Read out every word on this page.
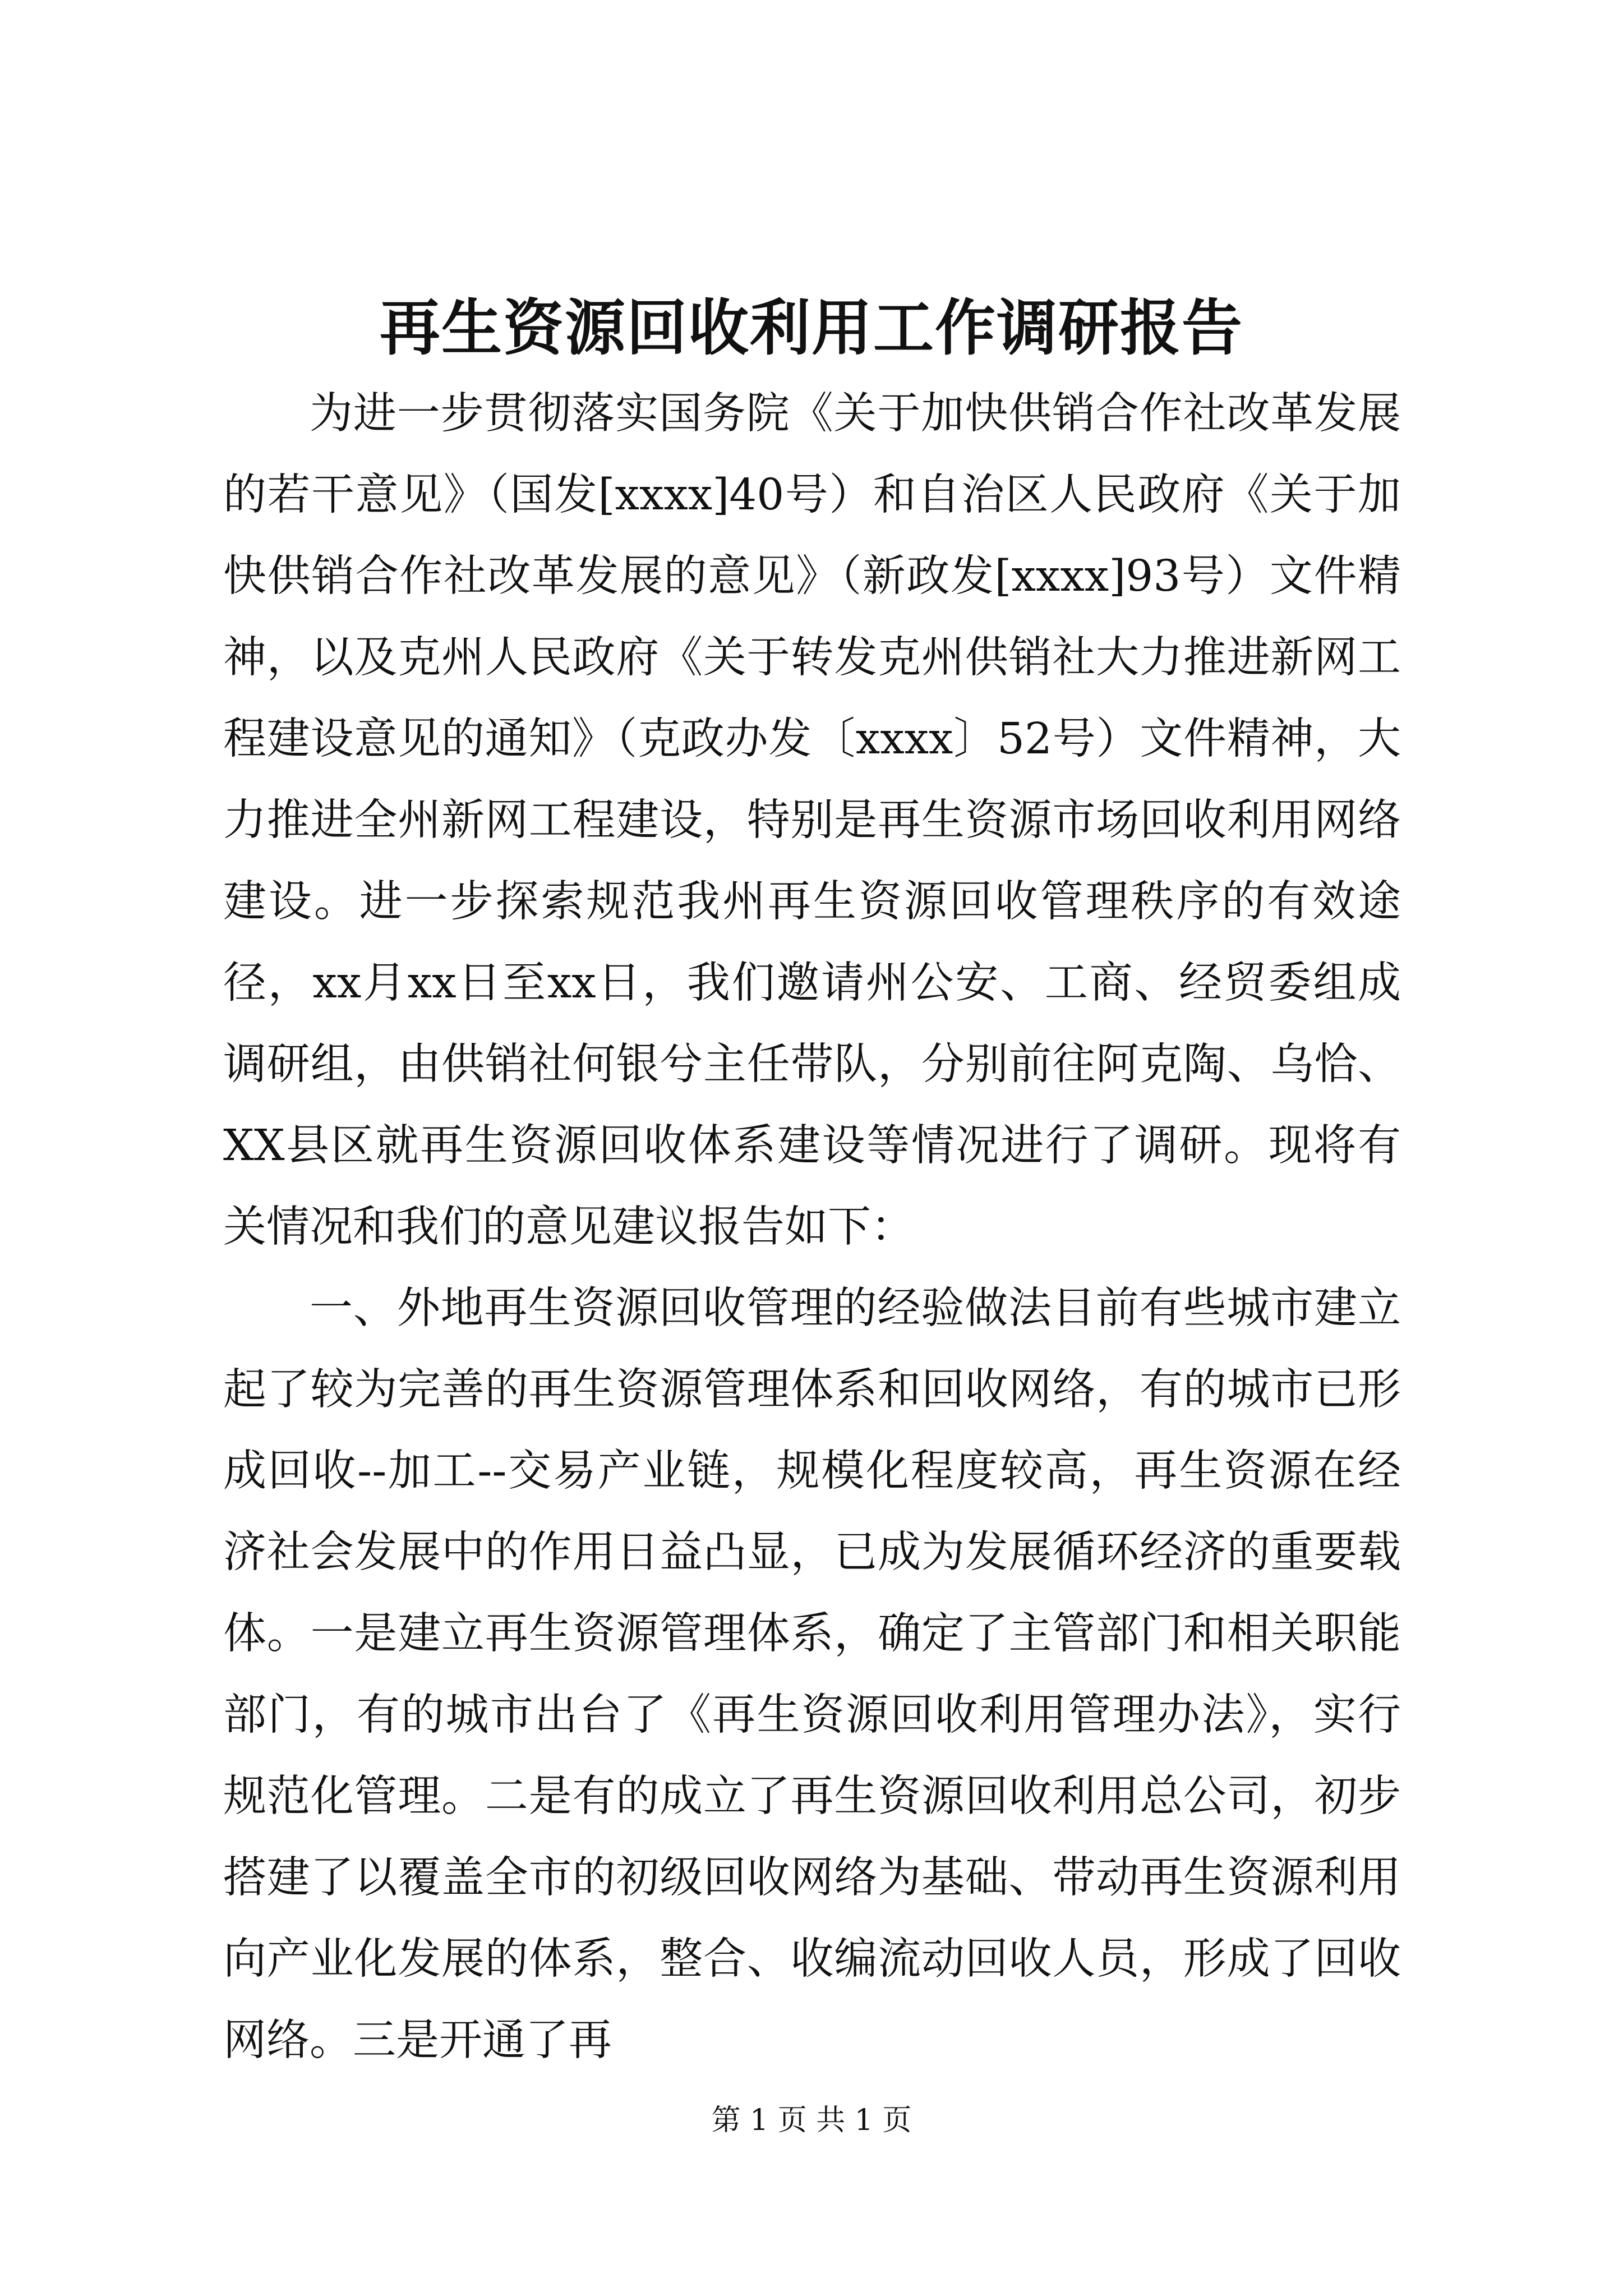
再生资源回收利用工作调研报告

为进一步贯彻落实国务院《关于加快供销合作社改革发展的若干意见》（国发[xxxx]40号）和自治区人民政府《关于加快供销合作社改革发展的意见》（新政发[xxxx]93号）文件精神，以及克州人民政府《关于转发克州供销社大力推进新网工程建设意见的通知》（克政办发〔xxxx〕52号）文件精神，大力推进全州新网工程建设，特别是再生资源市场回收利用网络建设。进一步探索规范我州再生资源回收管理秩序的有效途径，xx月xx日至xx日，我们邀请州公安、工商、经贸委组成调研组，由供销社何银兮主任带队，分别前往阿克陶、乌恰、XX县区就再生资源回收体系建设等情况进行了调研。现将有关情况和我们的意见建议报告如下：

一、外地再生资源回收管理的经验做法目前有些城市建立起了较为完善的再生资源管理体系和回收网络，有的城市已形成回收--加工--交易产业链，规模化程度较高，再生资源在经济社会发展中的作用日益凸显，已成为发展循环经济的重要载体。一是建立再生资源管理体系，确定了主管部门和相关职能部门，有的城市出台了《再生资源回收利用管理办法》，实行规范化管理。二是有的成立了再生资源回收利用总公司，初步搭建了以覆盖全市的初级回收网络为基础、带动再生资源利用向产业化发展的体系，整合、收编流动回收人员，形成了回收网络。三是开通了再

第 1 页 共 1 页
